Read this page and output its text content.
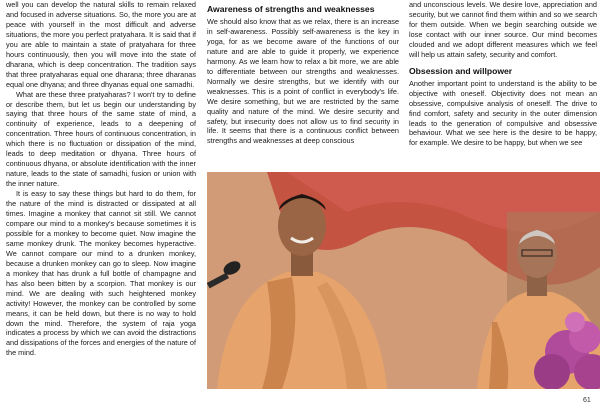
well you can develop the natural skills to remain relaxed and focused in adverse situations. So, the more you are at peace with yourself in the most difficult and adverse situations, the more you perfect pratyahara. It is said that if you are able to maintain a state of pratyahara for three hours continuously, then you will move into the state of dharana, which is deep concentration. The tradition says that three pratyaharas equal one dharana; three dharanas equal one dhyana; and three dhyanas equal one samadhi.

What are these three pratyaharas? I won't try to define or describe them, but let us begin our understanding by saying that three hours of the same state of mind, a continuity of experience, leads to a deepening of concentration. Three hours of continuous concentration, in which there is no fluctuation or dissipation of the mind, leads to deep meditation or dhyana. Three hours of continuous dhyana, or absolute identification with the inner nature, leads to the state of samadhi, fusion or union with the inner nature.

It is easy to say these things but hard to do them, for the nature of the mind is distracted or dissipated at all times. Imagine a monkey that cannot sit still. We cannot compare our mind to a monkey's because sometimes it is possible for a monkey to become quiet. Now imagine the same monkey drunk. The monkey becomes hyperactive. We cannot compare our mind to a drunken monkey, because a drunken monkey can go to sleep. Now imagine a monkey that has drunk a full bottle of champagne and has also been bitten by a scorpion. That monkey is our mind. We are dealing with such heightened monkey activity! However, the monkey can be controlled by some means, it can be held down, but there is no way to hold down the mind. Therefore, the system of raja yoga indicates a process by which we can avoid the distractions and dissipations of the forces and energies of the nature of the mind.

Awareness of strengths and weaknesses

We should also know that as we relax, there is an increase in self-awareness. Possibly self-awareness is the key in yoga, for as we become aware of the functions of our nature and are able to guide it properly, we experience harmony. As we learn how to relax a bit more, we are able to differentiate between our strengths and weaknesses. Normally we desire strengths, but we identify with our weaknesses. This is a point of conflict in everybody's life. We desire something, but we are restricted by the same quality and nature of the mind. We desire security and safety, but insecurity does not allow us to find security in life. It seems that there is a continuous conflict between strengths and weaknesses at deep conscious

and unconscious levels. We desire love, appreciation and security, but we cannot find them within and so we search for them outside. When we begin searching outside we lose contact with our inner source. Our mind becomes clouded and we adopt different measures which we feel will help us attain safety, security and comfort.

Obsession and willpower

Another important point to understand is the ability to be objective with oneself. Objectivity does not mean an obsessive, compulsive analysis of oneself. The drive to find comfort, safety and security in the outer dimension leads to the generation of compulsive and obsessive behaviour. What we see here is the desire to be happy, for example. We desire to be happy, but when we see

61
